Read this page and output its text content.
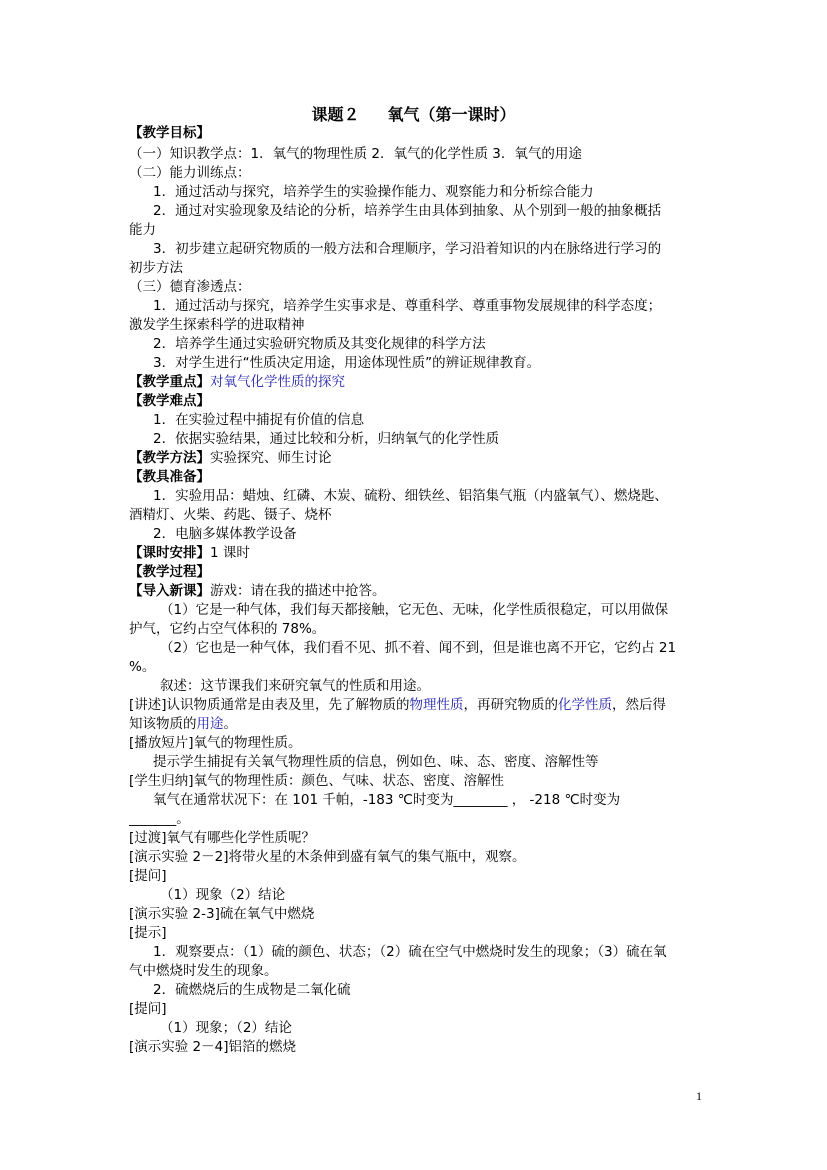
课题２ 氧气（第一课时）
【教学目标】
（一）知识教学点：1．氧气的物理性质 2．氧气的化学性质 3．氧气的用途
（二）能力训练点：
1．通过活动与探究，培养学生的实验操作能力、观察能力和分析综合能力
2．通过对实验现象及结论的分析，培养学生由具体到抽象、从个别到一般的抽象概括
能力
3．初步建立起研究物质的一般方法和合理顺序，学习沿着知识的内在脉络进行学习的
初步方法
（三）德育渗透点：
1．通过活动与探究，培养学生实事求是、尊重科学、尊重事物发展规律的科学态度；
激发学生探索科学的进取精神
2．培养学生通过实验研究物质及其变化规律的科学方法
3．对学生进行“性质决定用途，用途体现性质”的辨证规律教育。
【教学重点】对氧气化学性质的探究
【教学难点】
1．在实验过程中捕捉有价值的信息
2．依据实验结果，通过比较和分析，归纳氧气的化学性质
【教学方法】实验探究、师生讨论
【教具准备】
1．实验用品：蜡烛、红磷、木炭、硫粉、细铁丝、铝箔集气瓶（内盛氧气）、燃烧匙、
酒精灯、火柴、药匙、镊子、烧杯
2．电脑多媒体教学设备
【课时安排】1 课时
【教学过程】
【导入新课】游戏：请在我的描述中抢答。
（1）它是一种气体，我们每天都接触，它无色、无味，化学性质很稳定，可以用做保
护气，它约占空气体积的 78%。
（2）它也是一种气体，我们看不见、抓不着、闻不到，但是谁也离不开它，它约占 21
%。
叙述：这节课我们来研究氧气的性质和用途。
[讲述]认识物质通常是由表及里，先了解物质的物理性质，再研究物质的化学性质，然后得
知该物质的用途。
[播放短片]氧气的物理性质。
提示学生捕捉有关氧气物理性质的信息，例如色、味、态、密度、溶解性等
[学生归纳]氧气的物理性质：颜色、气味、状态、密度、溶解性
氧气在通常状况下：在 101 千帕，-183 ℃时变为________ ， -218 ℃时变为
_______。
[过渡]氧气有哪些化学性质呢？
[演示实验 2－2]将带火星的木条伸到盛有氧气的集气瓶中，观察。
[提问]
（1）现象（2）结论
[演示实验 2-3]硫在氧气中燃烧
[提示]
1．观察要点：（1）硫的颜色、状态；（2）硫在空气中燃烧时发生的现象；（3）硫在氧
气中燃烧时发生的现象。
2．硫燃烧后的生成物是二氧化硫
[提问]
（1）现象；（2）结论
[演示实验 2－4]铝箔的燃烧
1
